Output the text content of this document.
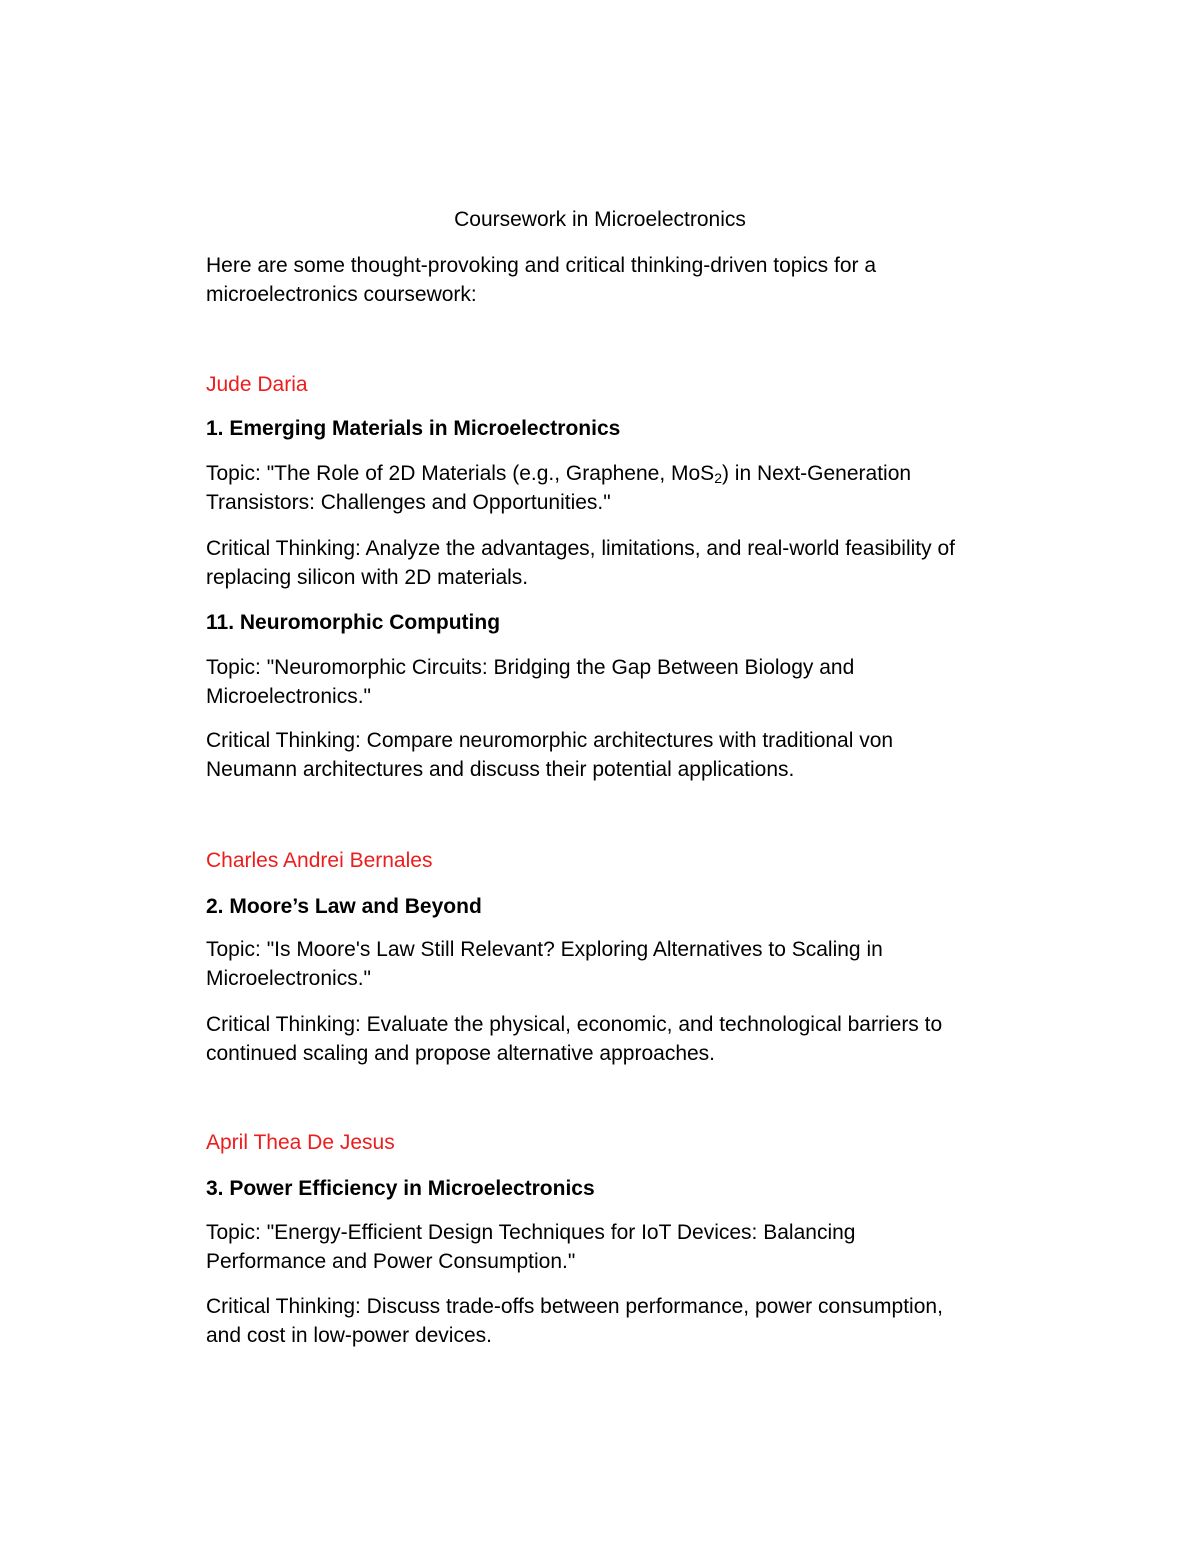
Coursework in Microelectronics

Here are some thought-provoking and critical thinking-driven topics for a
microelectronics coursework:

Jude Daria

1. Emerging Materials in Microelectronics

Topic: "The Role of 2D Materials (e.g., Graphene, MoS$_2$) in Next-Generation
Transistors: Challenges and Opportunities."

Critical Thinking: Analyze the advantages, limitations, and real-world feasibility of
replacing silicon with 2D materials.

11. Neuromorphic Computing

Topic: "Neuromorphic Circuits: Bridging the Gap Between Biology and
Microelectronics."

Critical Thinking: Compare neuromorphic architectures with traditional von
Neumann architectures and discuss their potential applications.

Charles Andrei Bernales

2. Moore’s Law and Beyond

Topic: "Is Moore's Law Still Relevant? Exploring Alternatives to Scaling in
Microelectronics."

Critical Thinking: Evaluate the physical, economic, and technological barriers to
continued scaling and propose alternative approaches.

April Thea De Jesus

3. Power Efficiency in Microelectronics

Topic: "Energy-Efficient Design Techniques for IoT Devices: Balancing
Performance and Power Consumption."

Critical Thinking: Discuss trade-offs between performance, power consumption,
and cost in low-power devices.
